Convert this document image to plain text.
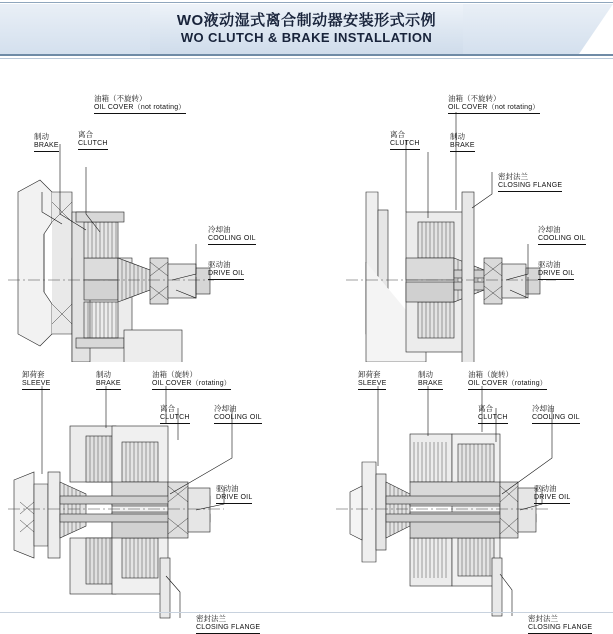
WO液动湿式离合制动器安装形式示例
WO CLUTCH & BRAKE INSTALLATION
油箱（不旋转）
OIL COVER（not rotating）
制动
BRAKE
离合
CLUTCH
冷却油
COOLING OIL
驱动油
DRIVE OIL
油箱（不旋转）
OIL COVER（not rotating）
离合
CLUTCH
制动
BRAKE
密封法兰
CLOSING FLANGE
冷却油
COOLING OIL
驱动油
DRIVE OIL
卸荷套
SLEEVE
制动
BRAKE
油箱（旋转）
OIL COVER（rotating）
离合
CLUTCH
冷却油
COOLING OIL
驱动油
DRIVE OIL
密封法兰
CLOSING FLANGE
卸荷套
SLEEVE
制动
BRAKE
油箱（旋转）
OIL COVER（rotating）
离合
CLUTCH
冷却油
COOLING OIL
驱动油
DRIVE OIL
密封法兰
CLOSING FLANGE
